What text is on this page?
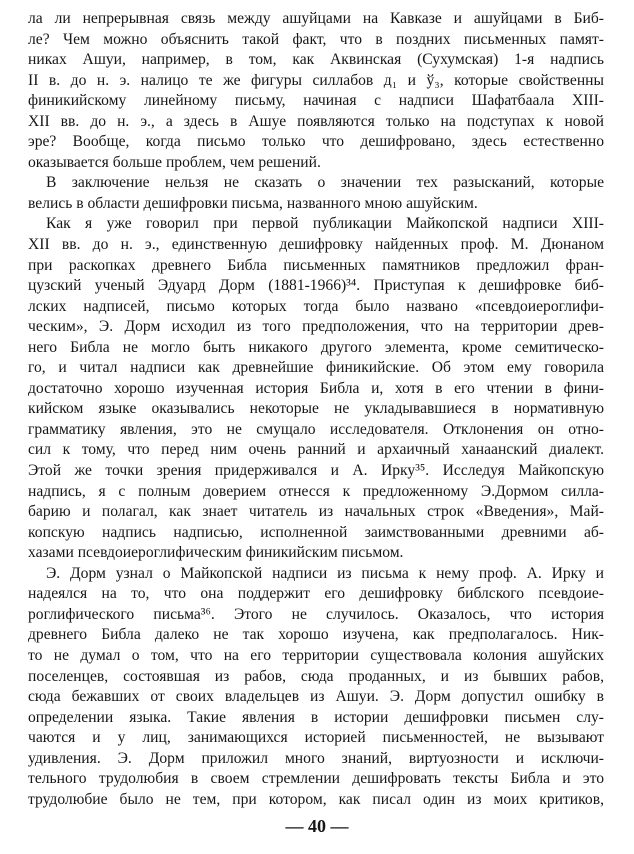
ла ли непрерывная связь между ашуйцами на Кавказе и ашуйцами в Биб-
ле? Чем можно объяснить такой факт, что в поздних письменных памят-
никах Ашуи, например, в том, как Аквинская (Сухумская) 1-я надпись
II в. до н. э. налицо те же фигуры силлабов д₁ и ў₃, которые свойственны
финикийскому линейному письму, начиная с надписи Шафатбаала XIII-
XII вв. до н. э., а здесь в Ашуе появляются только на подступах к новой
эре? Вообще, когда письмо только что дешифровано, здесь естественно
оказывается больше проблем, чем решений.
В заключение нельзя не сказать о значении тех разысканий, которые
велись в области дешифровки письма, названного мною ашуйским.
Как я уже говорил при первой публикации Майкопской надписи XIII-
XII вв. до н. э., единственную дешифровку найденных проф. М. Дюнаном
при раскопках древнего Библа письменных памятников предложил фран-
цузский ученый Эдуард Дорм (1881-1966)³⁴. Приступая к дешифровке биб-
лских надписей, письмо которых тогда было названо «псевдоиероглифи-
ческим», Э. Дорм исходил из того предположения, что на территории древ-
него Библа не могло быть никакого другого элемента, кроме семитическо-
го, и читал надписи как древнейшие финикийские. Об этом ему говорила
достаточно хорошо изученная история Библа и, хотя в его чтении в фини-
кийском языке оказывались некоторые не укладывавшиеся в нормативную
грамматику явления, это не смущало исследователя. Отклонения он отно-
сил к тому, что перед ним очень ранний и архаичный ханаанский диалект.
Этой же точки зрения придерживался и А. Ирку³⁵. Исследуя Майкопскую
надпись, я с полным доверием отнесся к предложенному Э.Дормом силла-
барию и полагал, как знает читатель из начальных строк «Введения», Май-
копскую надпись надписью, исполненной заимствованными древними аб-
хазами псевдоиероглифическим финикийским письмом.
Э. Дорм узнал о Майкопской надписи из письма к нему проф. А. Ирку и
надеялся на то, что она поддержит его дешифровку библского псевдоие-
роглифического письма³⁶. Этого не случилось. Оказалось, что история
древнего Библа далеко не так хорошо изучена, как предполагалось. Ник-
то не думал о том, что на его территории существовала колония ашуйских
поселенцев, состоявшая из рабов, сюда проданных, и из бывших рабов,
сюда бежавших от своих владельцев из Ашуи. Э. Дорм допустил ошибку в
определении языка. Такие явления в истории дешифровки письмен слу-
чаются и у лиц, занимающихся историей письменностей, не вызывают
удивления. Э. Дорм приложил много знаний, виртуозности и исключи-
тельного трудолюбия в своем стремлении дешифровать тексты Библа и это
трудолюбие было не тем, при котором, как писал один из моих критиков,
— 40 —
